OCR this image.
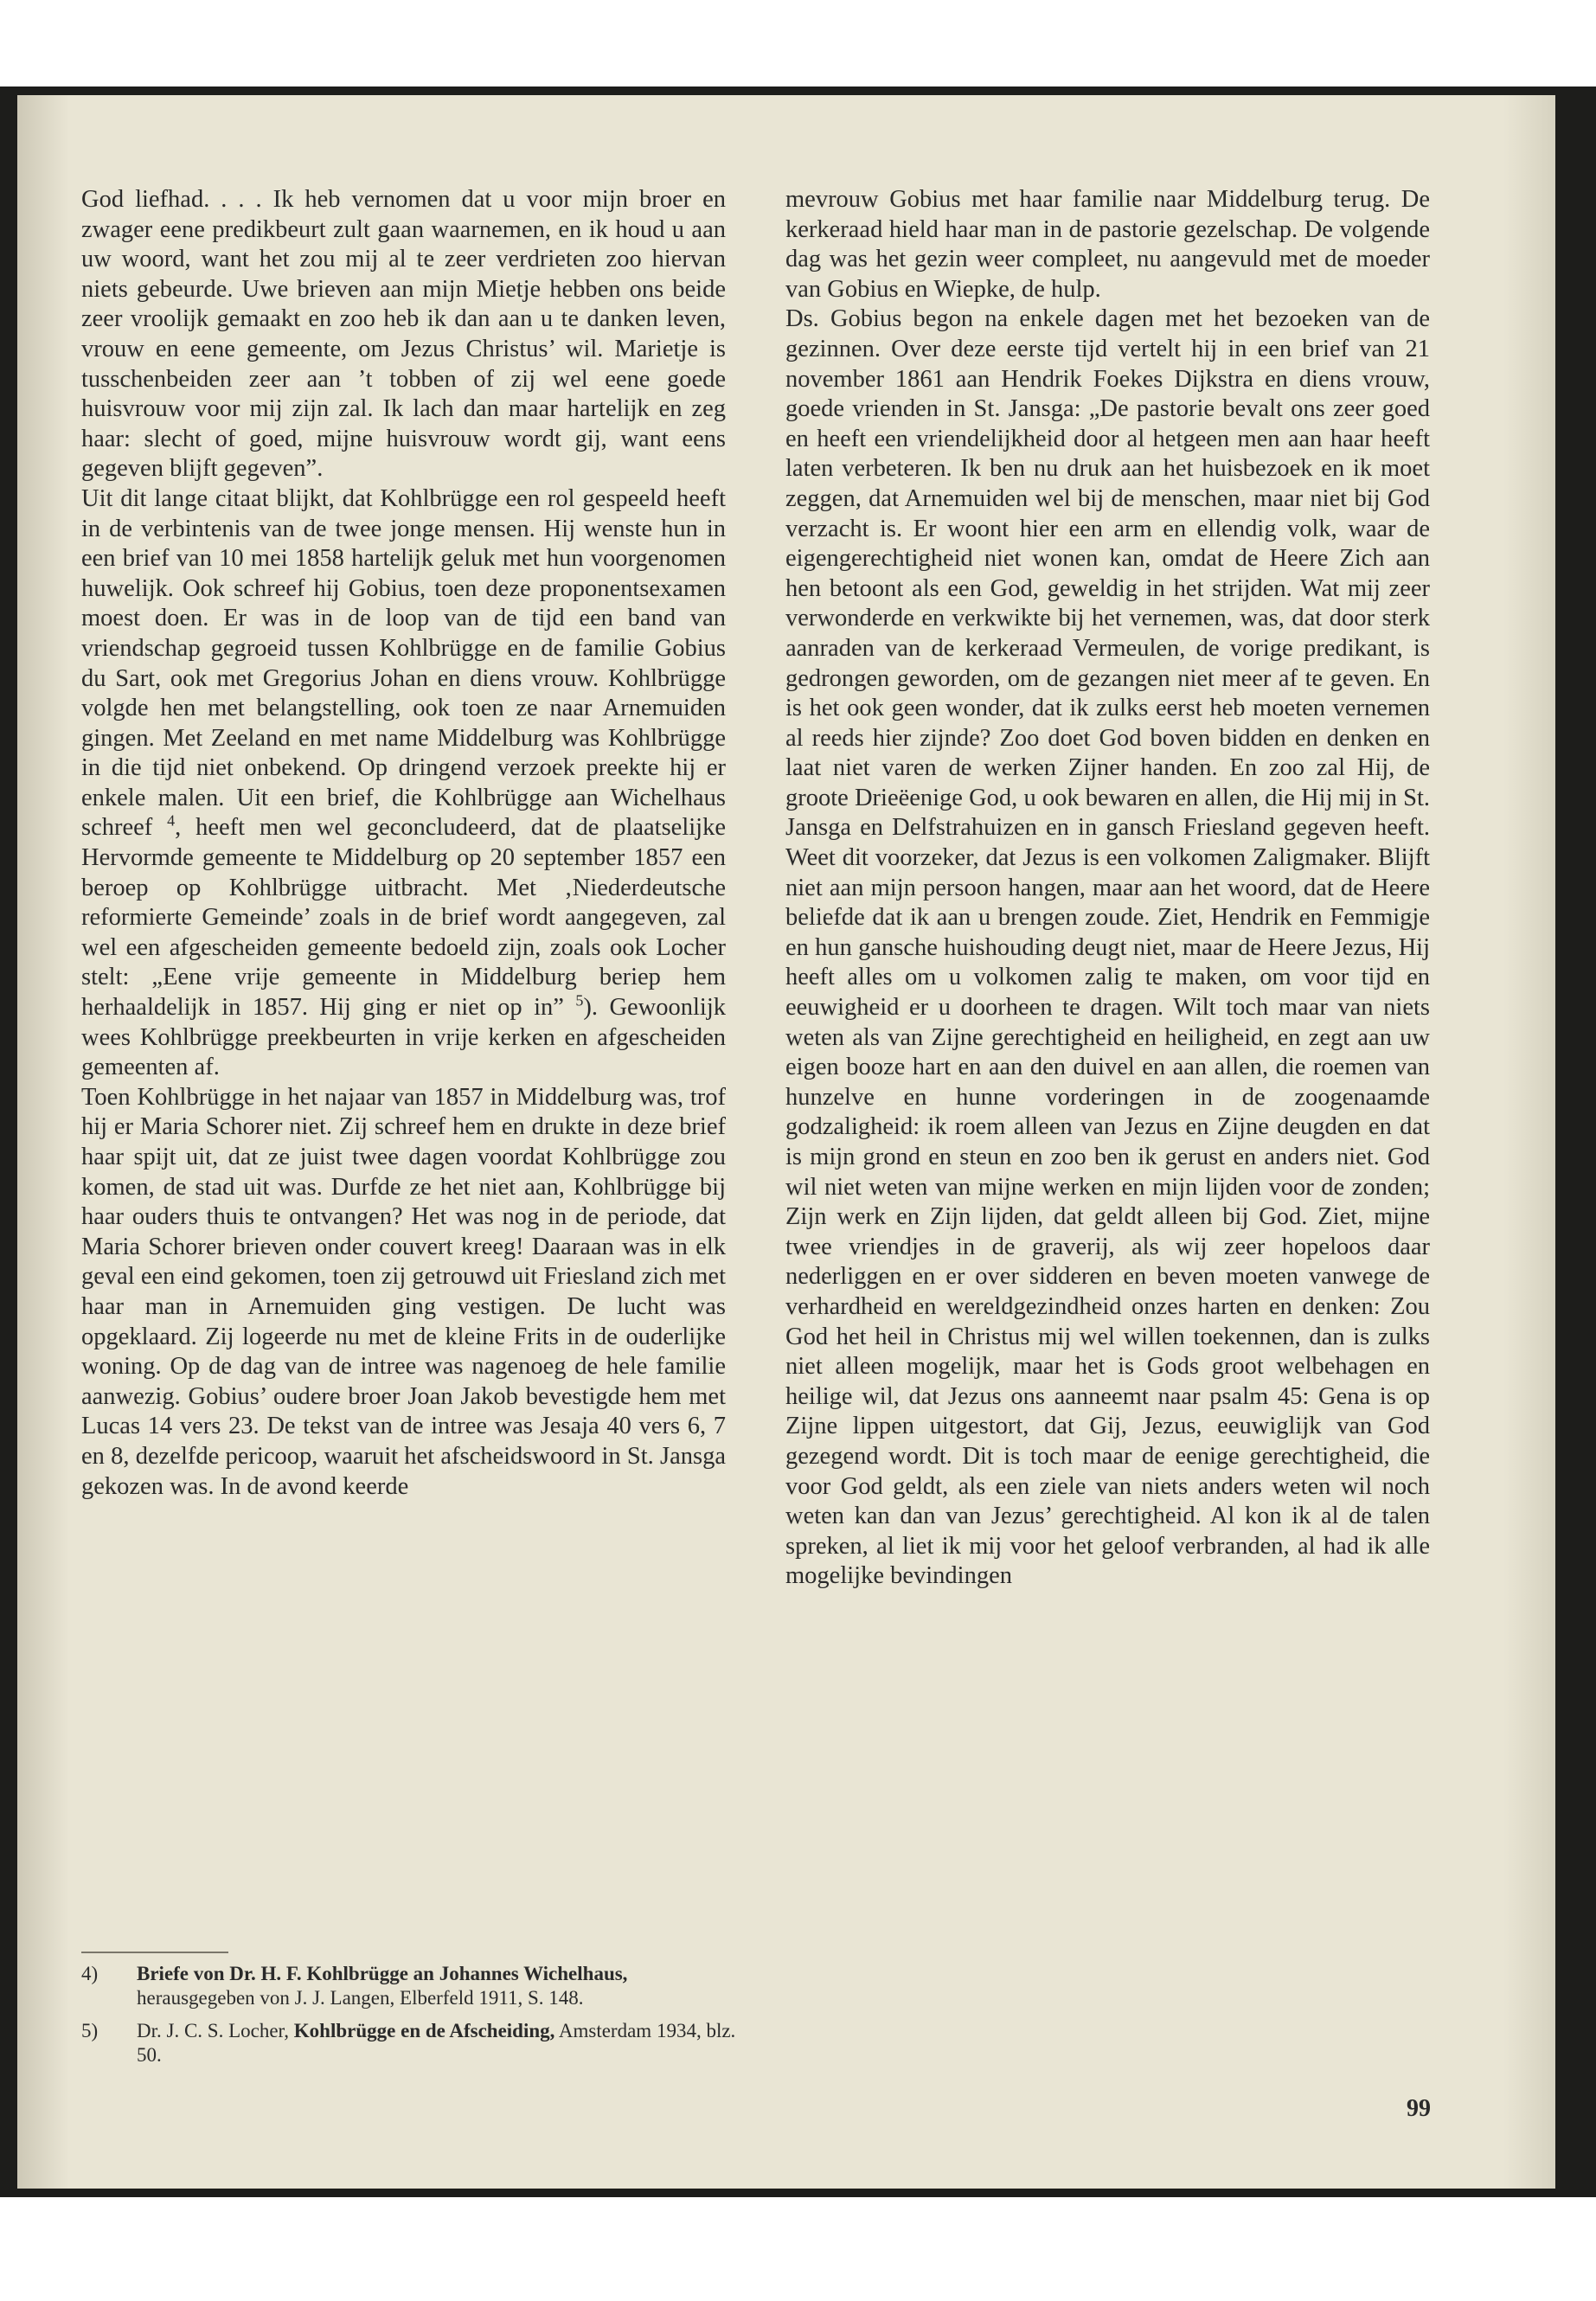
God liefhad. . . . Ik heb vernomen dat u voor mijn broer en zwager eene predikbeurt zult gaan waarnemen, en ik houd u aan uw woord, want het zou mij al te zeer verdrieten zoo hiervan niets gebeurde. Uwe brieven aan mijn Mietje hebben ons beide zeer vroolijk gemaakt en zoo heb ik dan aan u te danken leven, vrouw en eene gemeente, om Jezus Christus’ wil. Marietje is tusschenbeiden zeer aan ’t tobben of zij wel eene goede huisvrouw voor mij zijn zal. Ik lach dan maar hartelijk en zeg haar: slecht of goed, mijne huisvrouw wordt gij, want eens gegeven blijft gegeven”.

Uit dit lange citaat blijkt, dat Kohlbrügge een rol gespeeld heeft in de verbintenis van de twee jonge mensen. Hij wenste hun in een brief van 10 mei 1858 hartelijk geluk met hun voorgenomen huwelijk. Ook schreef hij Gobius, toen deze proponentsexamen moest doen. Er was in de loop van de tijd een band van vriendschap gegroeid tussen Kohlbrügge en de familie Gobius du Sart, ook met Gregorius Johan en diens vrouw. Kohlbrügge volgde hen met belangstelling, ook toen ze naar Arnemuiden gingen. Met Zeeland en met name Middelburg was Kohlbrügge in die tijd niet onbekend. Op dringend verzoek preekte hij er enkele malen. Uit een brief, die Kohlbrügge aan Wichelhaus schreef $^4$, heeft men wel geconcludeerd, dat de plaatselijke Hervormde gemeente te Middelburg op 20 september 1857 een beroep op Kohlbrügge uitbracht. Met ‚Niederdeutsche reformierte Gemeinde’ zoals in de brief wordt aangegeven, zal wel een afgescheiden gemeente bedoeld zijn, zoals ook Locher stelt: „Eene vrije gemeente in Middelburg beriep hem herhaaldelijk in 1857. Hij ging er niet op in” $^5$). Gewoonlijk wees Kohlbrügge preekbeurten in vrije kerken en afgescheiden gemeenten af.

Toen Kohlbrügge in het najaar van 1857 in Middelburg was, trof hij er Maria Schorer niet. Zij schreef hem en drukte in deze brief haar spijt uit, dat ze juist twee dagen voordat Kohlbrügge zou komen, de stad uit was. Durfde ze het niet aan, Kohlbrügge bij haar ouders thuis te ontvangen? Het was nog in de periode, dat Maria Schorer brieven onder couvert kreeg! Daaraan was in elk geval een eind gekomen, toen zij getrouwd uit Friesland zich met haar man in Arnemuiden ging vestigen. De lucht was opgeklaard. Zij logeerde nu met de kleine Frits in de ouderlijke woning. Op de dag van de intree was nagenoeg de hele familie aanwezig. Gobius’ oudere broer Joan Jakob bevestigde hem met Lucas 14 vers 23. De tekst van de intree was Jesaja 40 vers 6, 7 en 8, dezelfde pericoop, waaruit het afscheidswoord in St. Jansga gekozen was. In de avond keerde

mevrouw Gobius met haar familie naar Middelburg terug. De kerkeraad hield haar man in de pastorie gezelschap. De volgende dag was het gezin weer compleet, nu aangevuld met de moeder van Gobius en Wiepke, de hulp.

Ds. Gobius begon na enkele dagen met het bezoeken van de gezinnen. Over deze eerste tijd vertelt hij in een brief van 21 november 1861 aan Hendrik Foekes Dijkstra en diens vrouw, goede vrienden in St. Jansga: „De pastorie bevalt ons zeer goed en heeft een vriendelijkheid door al hetgeen men aan haar heeft laten verbeteren. Ik ben nu druk aan het huisbezoek en ik moet zeggen, dat Arnemuiden wel bij de menschen, maar niet bij God verzacht is. Er woont hier een arm en ellendig volk, waar de eigengerechtigheid niet wonen kan, omdat de Heere Zich aan hen betoont als een God, geweldig in het strijden. Wat mij zeer verwonderde en verkwikte bij het vernemen, was, dat door sterk aanraden van de kerkeraad Vermeulen, de vorige predikant, is gedrongen geworden, om de gezangen niet meer af te geven. En is het ook geen wonder, dat ik zulks eerst heb moeten vernemen al reeds hier zijnde? Zoo doet God boven bidden en denken en laat niet varen de werken Zijner handen. En zoo zal Hij, de groote Drieëenige God, u ook bewaren en allen, die Hij mij in St. Jansga en Delfstrahuizen en in gansch Friesland gegeven heeft. Weet dit voorzeker, dat Jezus is een volkomen Zaligmaker. Blijft niet aan mijn persoon hangen, maar aan het woord, dat de Heere beliefde dat ik aan u brengen zoude. Ziet, Hendrik en Femmigje en hun gansche huishouding deugt niet, maar de Heere Jezus, Hij heeft alles om u volkomen zalig te maken, om voor tijd en eeuwigheid er u doorheen te dragen. Wilt toch maar van niets weten als van Zijne gerechtigheid en heiligheid, en zegt aan uw eigen booze hart en aan den duivel en aan allen, die roemen van hunzelve en hunne vorderingen in de zoogenaamde godzaligheid: ik roem alleen van Jezus en Zijne deugden en dat is mijn grond en steun en zoo ben ik gerust en anders niet. God wil niet weten van mijne werken en mijn lijden voor de zonden; Zijn werk en Zijn lijden, dat geldt alleen bij God. Ziet, mijne twee vriendjes in de graverij, als wij zeer hopeloos daar nederliggen en er over sidderen en beven moeten vanwege de verhardheid en wereldgezindheid onzes harten en denken: Zou God het heil in Christus mij wel willen toekennen, dan is zulks niet alleen mogelijk, maar het is Gods groot welbehagen en heilige wil, dat Jezus ons aanneemt naar psalm 45: Gena is op Zijne lippen uitgestort, dat Gij, Jezus, eeuwiglijk van God gezegend wordt. Dit is toch maar de eenige gerechtigheid, die voor God geldt, als een ziele van niets anders weten wil noch weten kan dan van Jezus’ gerechtigheid. Al kon ik al de talen spreken, al liet ik mij voor het geloof verbranden, al had ik alle mogelijke bevindingen

4) Briefe von Dr. H. F. Kohlbrügge an Johannes Wichelhaus, herausgegeben von J. J. Langen, Elberfeld 1911, S. 148.
5) Dr. J. C. S. Locher, Kohlbrügge en de Afscheiding, Amsterdam 1934, blz. 50.
99
